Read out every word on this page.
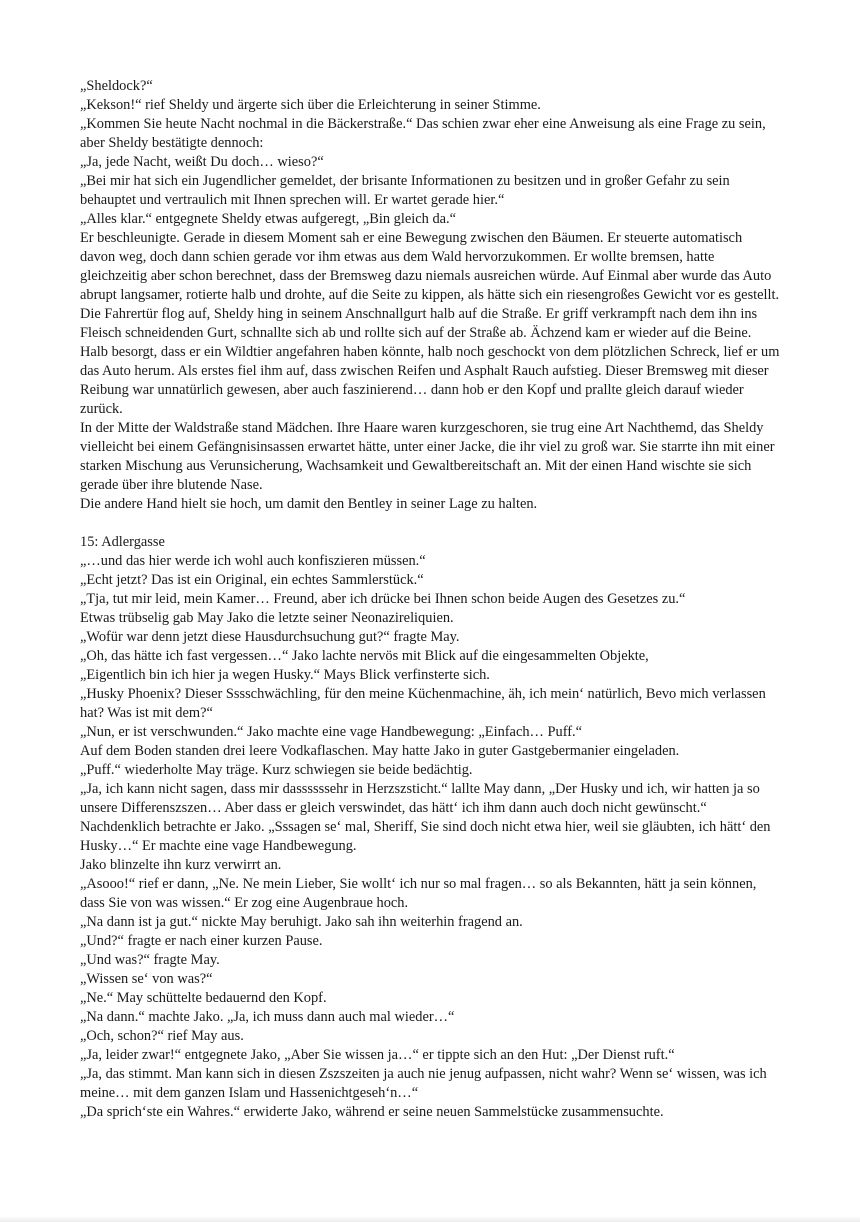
„Sheldock?“

„Kekson!“ rief Sheldy und ärgerte sich über die Erleichterung in seiner Stimme.

„Kommen Sie heute Nacht nochmal in die Bäckerstraße.“ Das schien zwar eher eine Anweisung als eine Frage zu sein, aber Sheldy bestätigte dennoch:

„Ja, jede Nacht, weißt Du doch… wieso?“

„Bei mir hat sich ein Jugendlicher gemeldet, der brisante Informationen zu besitzen und in großer Gefahr zu sein behauptet und vertraulich mit Ihnen sprechen will. Er wartet gerade hier.“

„Alles klar.“ entgegnete Sheldy etwas aufgeregt, „Bin gleich da.“

Er beschleunigte. Gerade in diesem Moment sah er eine Bewegung zwischen den Bäumen. Er steuerte automatisch davon weg, doch dann schien gerade vor ihm etwas aus dem Wald hervorzukommen. Er wollte bremsen, hatte gleichzeitig aber schon berechnet, dass der Bremsweg dazu niemals ausreichen würde. Auf Einmal aber wurde das Auto abrupt langsamer, rotierte halb und drohte, auf die Seite zu kippen, als hätte sich ein riesengroßes Gewicht vor es gestellt. Die Fahrertür flog auf, Sheldy hing in seinem Anschnallgurt halb auf die Straße. Er griff verkrampft nach dem ihn ins Fleisch schneidenden Gurt, schnallte sich ab und rollte sich auf der Straße ab. Ächzend kam er wieder auf die Beine. Halb besorgt, dass er ein Wildtier angefahren haben könnte, halb noch geschockt von dem plötzlichen Schreck, lief er um das Auto herum. Als erstes fiel ihm auf, dass zwischen Reifen und Asphalt Rauch aufstieg. Dieser Bremsweg mit dieser Reibung war unnatürlich gewesen, aber auch faszinierend… dann hob er den Kopf und prallte gleich darauf wieder zurück.

In der Mitte der Waldstraße stand Mädchen. Ihre Haare waren kurzgeschoren, sie trug eine Art Nachthemd, das Sheldy vielleicht bei einem Gefängnisinsassen erwartet hätte, unter einer Jacke, die ihr viel zu groß war. Sie starrte ihn mit einer starken Mischung aus Verunsicherung, Wachsamkeit und Gewaltbereitschaft an. Mit der einen Hand wischte sie sich gerade über ihre blutende Nase.

Die andere Hand hielt sie hoch, um damit den Bentley in seiner Lage zu halten.

15: Adlergasse

„…und das hier werde ich wohl auch konfiszieren müssen.“

„Echt jetzt? Das ist ein Original, ein echtes Sammlerstück.“

„Tja, tut mir leid, mein Kamer… Freund, aber ich drücke bei Ihnen schon beide Augen des Gesetzes zu.“

Etwas trübselig gab May Jako die letzte seiner Neonazireliquien.

„Wofür war denn jetzt diese Hausdurchsuchung gut?“ fragte May.

„Oh, das hätte ich fast vergessen…“ Jako lachte nervös mit Blick auf die eingesammelten Objekte,

„Eigentlich bin ich hier ja wegen Husky.“ Mays Blick verfinsterte sich.

„Husky Phoenix? Dieser Sssschwächling, für den meine Küchenmachine, äh, ich mein‘ natürlich, Bevo mich verlassen hat? Was ist mit dem?“

„Nun, er ist verschwunden.“ Jako machte eine vage Handbewegung: „Einfach… Puff.“

Auf dem Boden standen drei leere Vodkaflaschen. May hatte Jako in guter Gastgebermanier eingeladen.

„Puff.“ wiederholte May träge. Kurz schwiegen sie beide bedächtig.

„Ja, ich kann nicht sagen, dass mir dassssssehr in Herzszsticht.“ lallte May dann, „Der Husky und ich, wir hatten ja so unsere Differenszszen… Aber dass er gleich verswindet, das hätt‘ ich ihm dann auch doch nicht gewünscht.“ Nachdenklich betrachte er Jako. „Sssagen se‘ mal, Sheriff, Sie sind doch nicht etwa hier, weil sie gläubten, ich hätt‘ den Husky…“ Er machte eine vage Handbewegung.

Jako blinzelte ihn kurz verwirrt an.

„Asooo!“ rief er dann, „Ne. Ne mein Lieber, Sie wollt‘ ich nur so mal fragen… so als Bekannten, hätt ja sein können, dass Sie von was wissen.“ Er zog eine Augenbraue hoch.

„Na dann ist ja gut.“ nickte May beruhigt. Jako sah ihn weiterhin fragend an.

„Und?“ fragte er nach einer kurzen Pause.

„Und was?“ fragte May.

„Wissen se‘ von was?“

„Ne.“ May schüttelte bedauernd den Kopf.

„Na dann.“ machte Jako. „Ja, ich muss dann auch mal wieder…“

„Och, schon?“ rief May aus.

„Ja, leider zwar!“ entgegnete Jako, „Aber Sie wissen ja…“ er tippte sich an den Hut: „Der Dienst ruft.“

„Ja, das stimmt. Man kann sich in diesen Zszszeiten ja auch nie jenug aufpassen, nicht wahr? Wenn se‘ wissen, was ich meine… mit dem ganzen Islam und Hassenichtgeseh‘n…“

„Da sprich‘ste ein Wahres.“ erwiderte Jako, während er seine neuen Sammelstücke zusammensuchte.
